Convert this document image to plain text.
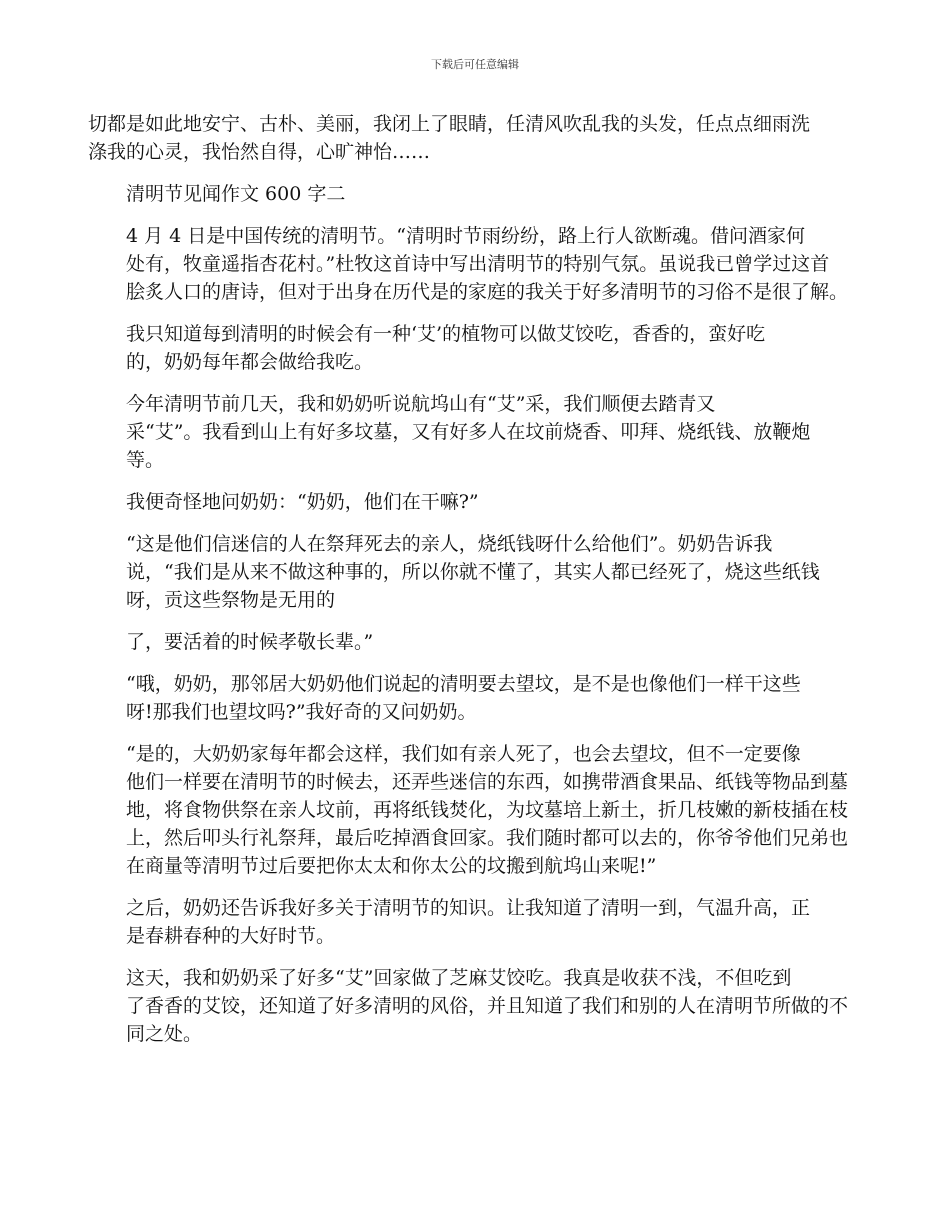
下载后可任意编辑

切都是如此地安宁、古朴、美丽，我闭上了眼睛，任清风吹乱我的头发，任点点细雨洗
涤我的心灵，我怡然自得，心旷神怡……

清明节见闻作文 600 字二

4 月 4 日是中国传统的清明节。“清明时节雨纷纷，路上行人欲断魂。借问酒家何
处有，牧童遥指杏花村。”杜牧这首诗中写出清明节的特别气氛。虽说我已曾学过这首
脍炙人口的唐诗，但对于出身在历代是的家庭的我关于好多清明节的习俗不是很了解。

我只知道每到清明的时候会有一种‘艾’的植物可以做艾饺吃，香香的，蛮好吃
的，奶奶每年都会做给我吃。

今年清明节前几天，我和奶奶听说航坞山有“艾”采，我们顺便去踏青又
采“艾”。我看到山上有好多坟墓，又有好多人在坟前烧香、叩拜、烧纸钱、放鞭炮
等。

我便奇怪地问奶奶：“奶奶，他们在干嘛?”

“这是他们信迷信的人在祭拜死去的亲人，烧纸钱呀什么给他们”。奶奶告诉我
说，“我们是从来不做这种事的，所以你就不懂了，其实人都已经死了，烧这些纸钱
呀，贡这些祭物是无用的

了，要活着的时候孝敬长辈。”

“哦，奶奶，那邻居大奶奶他们说起的清明要去望坟，是不是也像他们一样干这些
呀!那我们也望坟吗?”我好奇的又问奶奶。

“是的，大奶奶家每年都会这样，我们如有亲人死了，也会去望坟，但不一定要像
他们一样要在清明节的时候去，还弄些迷信的东西，如携带酒食果品、纸钱等物品到墓
地，将食物供祭在亲人坟前，再将纸钱焚化，为坟墓培上新土，折几枝嫩的新枝插在枝
上，然后叩头行礼祭拜，最后吃掉酒食回家。我们随时都可以去的，你爷爷他们兄弟也
在商量等清明节过后要把你太太和你太公的坟搬到航坞山来呢!”

之后，奶奶还告诉我好多关于清明节的知识。让我知道了清明一到，气温升高，正
是春耕春种的大好时节。

这天，我和奶奶采了好多“艾”回家做了芝麻艾饺吃。我真是收获不浅，不但吃到
了香香的艾饺，还知道了好多清明的风俗，并且知道了我们和别的人在清明节所做的不
同之处。
